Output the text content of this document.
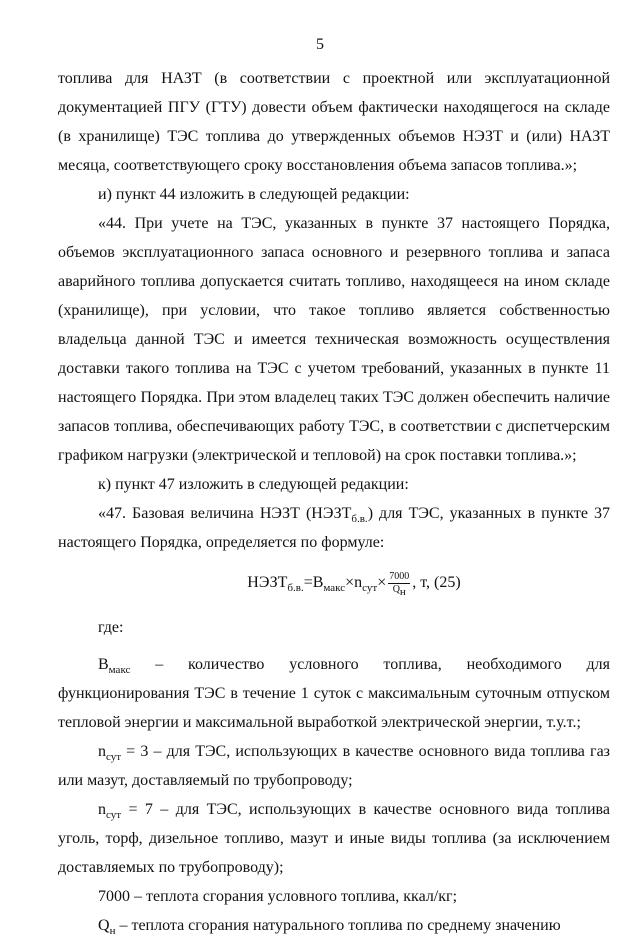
5

топлива для НАЗТ (в соответствии с проектной или эксплуатационной документацией ПГУ (ГТУ) довести объем фактически находящегося на складе (в хранилище) ТЭС топлива до утвержденных объемов НЭЗТ и (или) НАЗТ месяца, соответствующего сроку восстановления объема запасов топлива.»;

и) пункт 44 изложить в следующей редакции:

«44. При учете на ТЭС, указанных в пункте 37 настоящего Порядка, объемов эксплуатационного запаса основного и резервного топлива и запаса аварийного топлива допускается считать топливо, находящееся на ином складе (хранилище), при условии, что такое топливо является собственностью владельца данной ТЭС и имеется техническая возможность осуществления доставки такого топлива на ТЭС с учетом требований, указанных в пункте 11 настоящего Порядка. При этом владелец таких ТЭС должен обеспечить наличие запасов топлива, обеспечивающих работу ТЭС, в соответствии с диспетчерским графиком нагрузки (электрической и тепловой) на срок поставки топлива.»;

к) пункт 47 изложить в следующей редакции:

«47. Базовая величина НЭЗТ $(НЭЗТ_{б.в.})$ для ТЭС, указанных в пункте 37 настоящего Порядка, определяется по формуле:

$НЭЗТ_{б.в.}=В_{макс}\times n_{сут}\times \frac{7000}{Q_н}$ , т, (25)

где:

$В_{макс}$ – количество условного топлива, необходимого для функционирования ТЭС в течение 1 суток с максимальным суточным отпуском тепловой энергии и максимальной выработкой электрической энергии, т.у.т.;

$n_{сут} = 3$ – для ТЭС, использующих в качестве основного вида топлива газ или мазут, доставляемый по трубопроводу;

$n_{сут} = 7$ – для ТЭС, использующих в качестве основного вида топлива уголь, торф, дизельное топливо, мазут и иные виды топлива (за исключением доставляемых по трубопроводу);

7000 – теплота сгорания условного топлива, ккал/кг;

$Q_н$ – теплота сгорания натурального топлива по среднему значению
